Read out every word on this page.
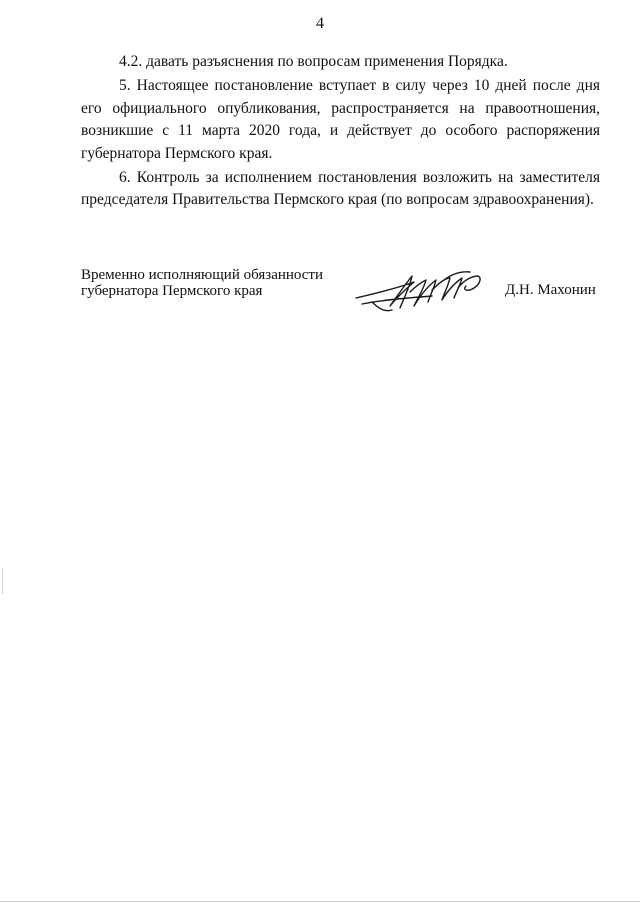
4

4.2. давать разъяснения по вопросам применения Порядка.

5. Настоящее постановление вступает в силу через 10 дней после дня его официального опубликования, распространяется на правоотношения, возникшие с 11 марта 2020 года, и действует до особого распоряжения губернатора Пермского края.

6. Контроль за исполнением постановления возложить на заместителя председателя Правительства Пермского края (по вопросам здравоохранения).

Временно исполняющий обязанности
губернатора Пермского края	Д.Н. Махонин
